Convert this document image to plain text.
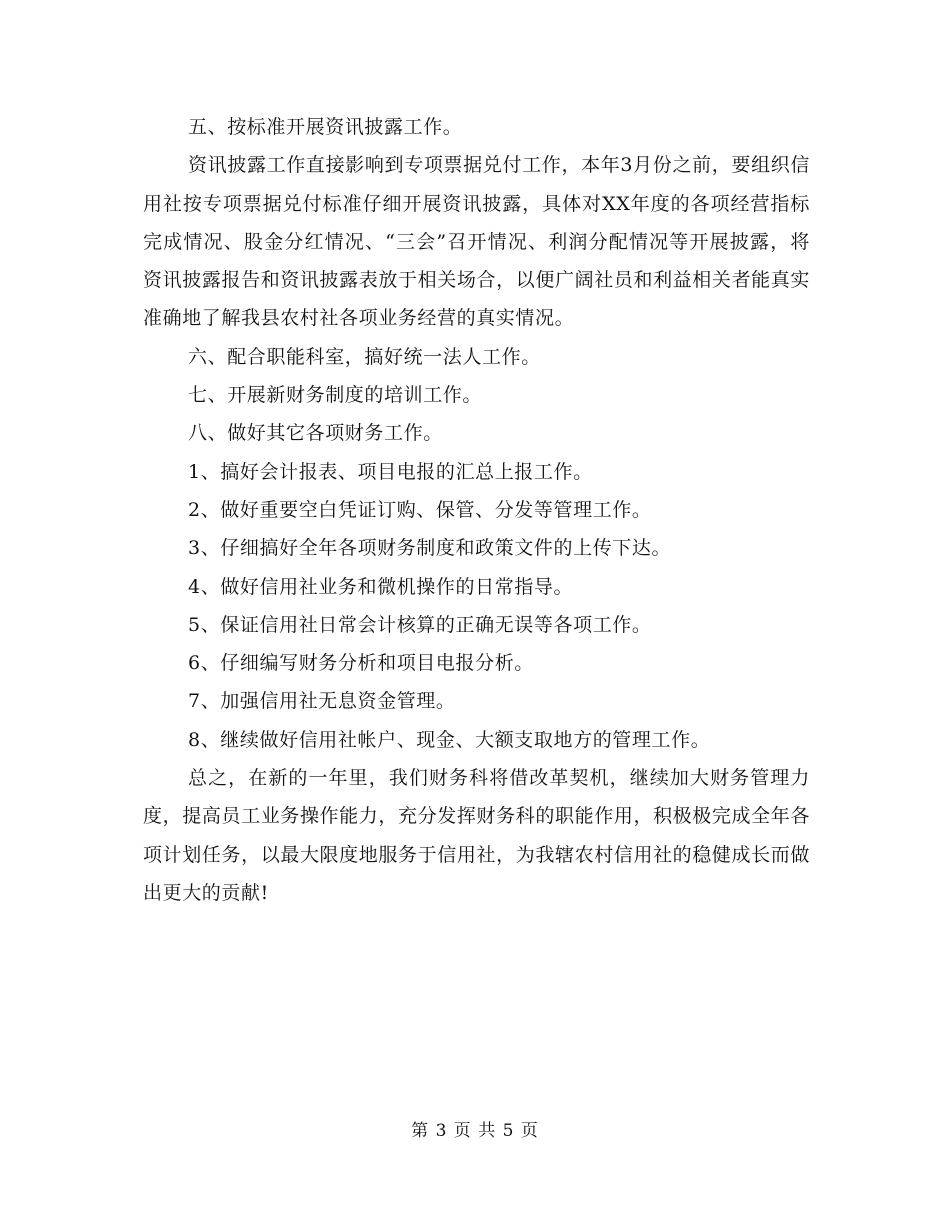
五、按标准开展资讯披露工作。

资讯披露工作直接影响到专项票据兑付工作，本年3月份之前，要组织信用社按专项票据兑付标准仔细开展资讯披露，具体对XX年度的各项经营指标完成情况、股金分红情况、“三会”召开情况、利润分配情况等开展披露，将资讯披露报告和资讯披露表放于相关场合，以便广阔社员和利益相关者能真实准确地了解我县农村社各项业务经营的真实情况。

六、配合职能科室，搞好统一法人工作。

七、开展新财务制度的培训工作。

八、做好其它各项财务工作。

1、搞好会计报表、项目电报的汇总上报工作。

2、做好重要空白凭证订购、保管、分发等管理工作。

3、仔细搞好全年各项财务制度和政策文件的上传下达。

4、做好信用社业务和微机操作的日常指导。

5、保证信用社日常会计核算的正确无误等各项工作。

6、仔细编写财务分析和项目电报分析。

7、加强信用社无息资金管理。

8、继续做好信用社帐户、现金、大额支取地方的管理工作。

总之，在新的一年里，我们财务科将借改革契机，继续加大财务管理力度，提高员工业务操作能力，充分发挥财务科的职能作用，积极极完成全年各项计划任务，以最大限度地服务于信用社，为我辖农村信用社的稳健成长而做出更大的贡献!

第 3 页 共 5 页
